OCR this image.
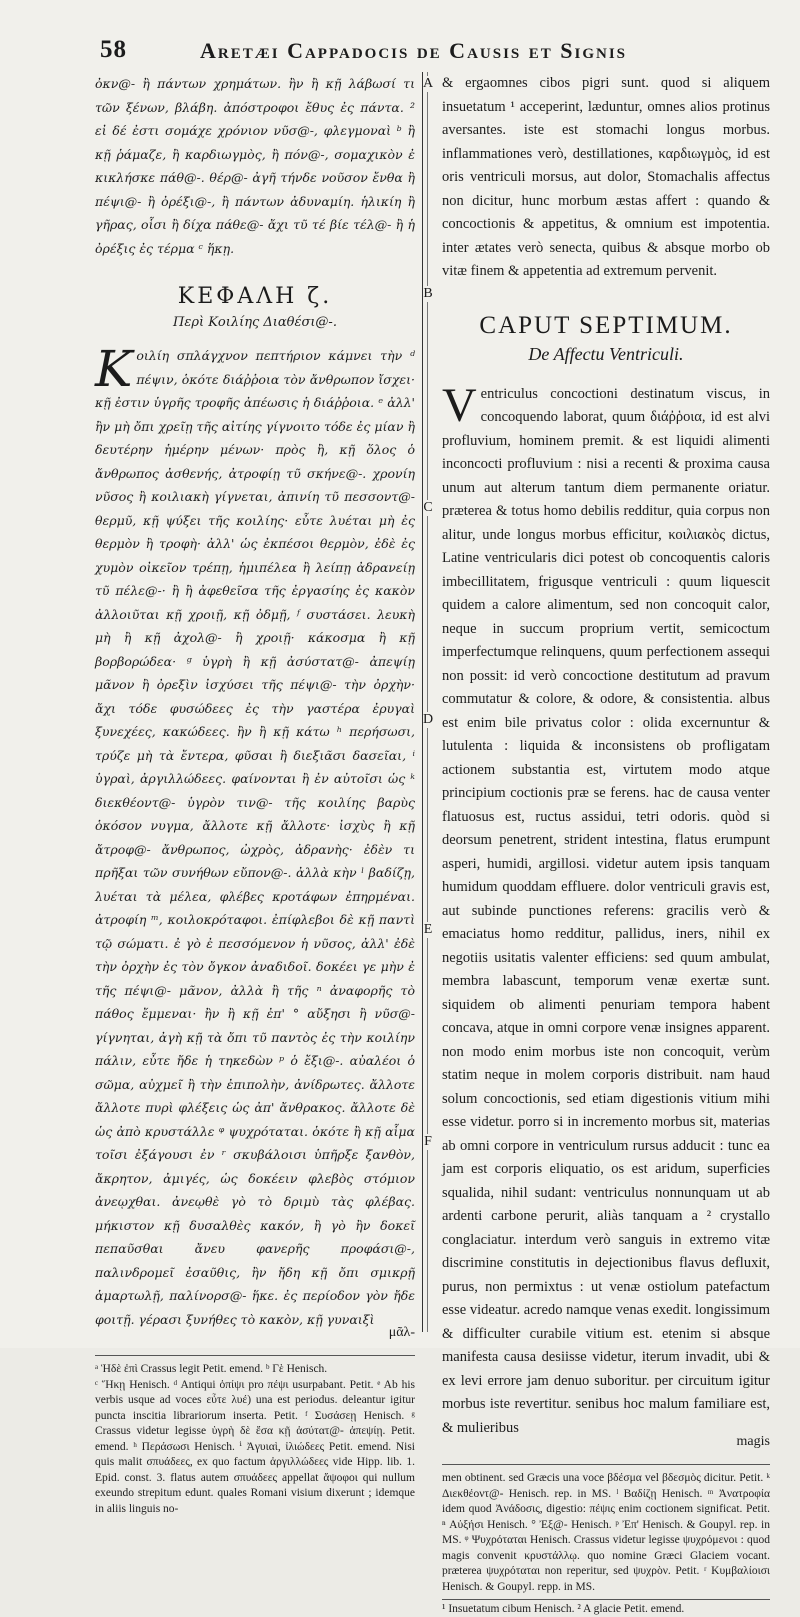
58	Aretæi Cappadocis de Causis et Signis
A
B
C
D
E
F
ὀκν@- ἢ πάντων χρημάτων. ἢν ἢ κῇ λάβωσί τι τῶν ξένων, βλάβη. ἀπόστροφοι ἔθυς ἐς πάντα. ² εἰ δέ ἐστι σομάχε χρόνιον νῦσ@-, φλεγμοναὶ ᵇ ἢ κῇ ῥάμαζε, ἢ καρδιωγμὸς, ἢ πόν@-, σομαχικὸν ἐ κικλήσκε πάθ@-. θέρ@- ἀγῆ τήνδε νοῦσον ἔνθα ἢ πέψι@- ἢ ὀρέξι@-, ἢ πάντων ἀδυναμίη. ἡλικίη ἢ γῆρας, οἷσι ἢ δίχα πάθε@- ἄχι τῦ τέ βίε τέλ@- ἢ ἡ ὀρέξις ἐς τέρμα ᶜ ἥκῃ.
ΚΕΦΑΛΗ ζ.
Περὶ Κοιλίης Διαθέσι@-.
Κ οιλίη σπλάγχνον πεπτήριον κάμνει τὴν ᵈ πέψιν, ὁκότε διάῤῥοια τὸν ἄνθρωπον ἴσχει· κῇ ἐστιν ὑγρῆς τροφῆς ἀπέωσις ἡ διάῤῥοια. ᵉ ἀλλ' ἢν μὴ ὄπι χρεῖῃ τῆς αἰτίης γίγνοιτο τόδε ἐς μίαν ἢ δευτέρην ἡμέρην μένων· πρὸς ἢ, κῇ ὅλος ὁ ἄνθρωπος ἀσθενής, ἀτροφίῃ τῦ σκήνε@-. χρονίη νῦσος ἢ κοιλιακὴ γίγνεται, ἀπινίη τῦ πεσσοντ@- θερμῦ, κῇ ψύξει τῆς κοιλίης· εὖτε λυέται μὴ ἐς θερμὸν ἢ τροφὴ· ἀλλ' ὡς ἐκπέσοι θερμὸν, ἐδὲ ἐς χυμὸν οἰκεῖον τρέπῃ, ἡμιπέλεα ἢ λείπῃ ἀδρανείῃ τῦ πέλε@-· ἢ ἢ ἀφεθεῖσα τῆς ἐργασίης ἐς κακὸν ἀλλοιῦται κῇ χροιῇ, κῇ ὀδμῇ, ᶠ συστάσει. λευκὴ μὴ ἢ κῇ ἀχολ@- ἢ χροιῇ· κάκοσμα ἢ κῇ βορβορώδεα· ᵍ ὑγρὴ ἢ κῇ ἀσύστατ@- ἀπεψίῃ μᾶνον ἢ ὀρεξὶν ἰσχύσει τῆς πέψι@- τὴν ὀρχὴν· ἄχι τόδε φυσώδεες ἐς τὴν γαστέρα ἐρυγαὶ ξυνεχέες, κακώδεες. ἢν ἢ κῇ κάτω ʰ περήσωσι, τρύζε μὴ τὰ ἔντερα, φῦσαι ἢ διεξιᾶσι δασεῖαι, ⁱ ὑγραὶ, ἀργιλλώδεες. φαίνονται ἢ ἐν αὐτοῖσι ὡς ᵏ διεκθέοντ@- ὑγρὸν τιν@- τῆς κοιλίης βαρὺς ὁκόσον νυγμα, ἄλλοτε κῇ ἄλλοτε· ἰσχὺς ἢ κῇ ἄτροφ@- ἄνθρωπος, ὠχρὸς, ἀδρανὴς· ἐδὲν τι πρῆξαι τῶν συνήθων εὔπον@-. ἀλλὰ κὴν ˡ βαδίζῃ, λυέται τὰ μέλεα, φλέβες κροτάφων ἐπηρμέναι. ἀτροφίη ᵐ, κοιλοκρόταφοι. ἐπίφλεβοι δὲ κῇ παντὶ τῷ σώματι. ἐ γὸ ἐ πεσσόμενον ἡ νῦσος, ἀλλ' ἐδὲ τὴν ὀρχὴν ἐς τὸν ὄγκον ἀναδιδοῖ. δοκέει γε μὴν ἐ τῆς πέψι@- μᾶνον, ἀλλὰ ἢ τῆς ⁿ ἀναφορῆς τὸ πάθος ἔμμεναι· ἢν ἢ κῇ ἐπ' ° αὔξησι ἢ νῦσ@- γίγνηται, ἀγὴ κῇ τὰ ὄπι τῦ παντὸς ἐς τὴν κοιλίην πάλιν, εὖτε ἤδε ἡ τηκεδὼν ᵖ ὁ ἔξι@-. αὐαλέοι ὁ σῶμα, αὐχμεῖ ἢ τὴν ἐπιπολὴν, ἀνίδρωτες. ἄλλοτε ἄλλοτε πυρὶ φλέξεις ὡς ἀπ' ἄνθρακος. ἄλλοτε δὲ ὡς ἀπὸ κρυστάλλε ᵠ ψυχρόταται. ὁκότε ἢ κῇ αἷμα τοῖσι ἐξάγουσι ἐν ʳ σκυβάλοισι ὑπῆρξε ξανθὸν, ἄκρητον, ἀμιγές, ὡς δοκέειν φλεβὸς στόμιον ἀνεῳχθαι. ἀνεῳθὲ γὸ τὸ δριμὺ τὰς φλέβας. μήκιστον κῇ δυσαλθὲς κακόν, ἢ γὸ ἢν δοκεῖ πεπαῦσθαι ἄνευ φανερῆς προφάσι@-, παλινδρομεῖ ἐσαῦθις, ἢν ἤδη κῇ ὄπι σμικρῇ ἁμαρτωλῇ, παλίνορσ@- ἥκε. ἐς περίοδον γὸν ἤδε φοιτῇ. γέρασι ξυνήθες τὸ κακὸν, κῇ γυναιξὶ
μᾶλ-

ᵃ Ἡδὲ ἐπὶ Crassus legit Petit. emend. ᵇ Γὲ Henisch.

ᶜ Ἥκῃ Henisch. ᵈ Antiqui ὀπίψι pro πέψι usurpabant. Petit. ᵉ Ab his verbis usque ad voces εὖτε λυέ) una est periodus. deleantur igitur puncta inscitia librariorum inserta. Petit. ᶠ Συσάσεῃ Henisch. ᵍ Crassus videtur legisse ὑγρὴ δὲ ἔσα κῇ ἀσύτατ@- ἀπεψίῃ. Petit. emend. ʰ Περάσωσι Henisch. ⁱ Ἀγυιαὶ, ἰλιώδεες Petit. emend. Nisi quis malit σπυάδεες, ex quo factum ἀργιλλώδεες vide Hipp. lib. 1. Epid. const. 3. flatus autem σπυάδεες appellat ἄψοφοι qui nullum exeundo strepitum edunt. quales Romani visium dixerunt ; idemque in aliis linguis no-

& ergaomnes cibos pigri sunt. quod si aliquem insuetatum ¹ acceperint, læduntur, omnes alios protinus aversantes. iste est stomachi longus morbus. inflammationes verò, destillationes, καρδιωγμὸς, id est oris ventriculi morsus, aut dolor, Stomachalis affectus non dicitur, hunc morbum æstas affert : quando & concoctionis & appetitus, & omnium est impotentia. inter ætates verò senecta, quibus & absque morbo ob vitæ finem & appetentia ad extremum pervenit.
CAPUT SEPTIMUM.
De Affectu Ventriculi.
V entriculus concoctioni destinatum viscus, in concoquendo laborat, quum διάῤῥοια, id est alvi profluvium, hominem premit. & est liquidi alimenti inconcocti profluvium : nisi a recenti & proxima causa unum aut alterum tantum diem permanente oriatur. præterea & totus homo debilis redditur, quia corpus non alitur, unde longus morbus efficitur, κοιλιακὸς dictus, Latine ventricularis dici potest ob concoquentis caloris imbecillitatem, frigusque ventriculi : quum liquescit quidem a calore alimentum, sed non concoquit calor, neque in succum proprium vertit, semicoctum imperfectumque relinquens, quum perfectionem assequi non possit: id verò concoctione destitutum ad pravum commutatur & colore, & odore, & consistentia. albus est enim bile privatus color : olida excernuntur & lutulenta : liquida & inconsistens ob profligatam actionem substantia est, virtutem modo atque principium coctionis præ se ferens. hac de causa venter flatuosus est, ructus assidui, tetri odoris. quòd si deorsum penetrent, strident intestina, flatus erumpunt asperi, humidi, argillosi. videtur autem ipsis tanquam humidum quoddam effluere. dolor ventriculi gravis est, aut subinde punctiones referens: gracilis verò & emaciatus homo redditur, pallidus, iners, nihil ex negotiis usitatis valenter efficiens: sed quum ambulat, membra labascunt, temporum venæ exertæ sunt. siquidem ob alimenti penuriam tempora habent concava, atque in omni corpore venæ insignes apparent. non modo enim morbus iste non concoquit, verùm statim neque in molem corporis distribuit. nam haud solum concoctionis, sed etiam digestionis vitium mihi esse videtur. porro si in incremento morbus sit, materias ab omni corpore in ventriculum rursus adducit : tunc ea jam est corporis eliquatio, os est aridum, superficies squalida, nihil sudant: ventriculus nonnunquam ut ab ardenti carbone perurit, aliàs tanquam a ² crystallo conglaciatur. interdum verò sanguis in extremo vitæ discrimine constitutis in dejectionibus flavus defluxit, purus, non permixtus : ut venæ ostiolum patefactum esse videatur. acredo namque venas exedit. longissimum & difficulter curabile vitium est. etenim si absque manifesta causa desiisse videtur, iterum invadit, ubi & ex levi errore jam denuo suboritur. per circuitum igitur morbus iste revertitur. senibus hoc malum familiare est, & mulieribus
magis

men obtinent. sed Græcis una voce βδέσμα vel βδεσμὸς dicitur. Petit. ᵏ Διεκθέοντ@- Henisch. rep. in MS. ˡ Βαδίζῃ Henisch. ᵐ Ἀνατροφία idem quod Ἀνάδοσις, digestio: πέψις enim coctionem significat. Petit. ⁿ Αὐξήσι Henisch. ° Ἐξ@- Henisch. ᵖ Ἐπ' Henisch. & Goupyl. rep. in MS. ᵠ Ψυχρόταται Henisch. Crassus videtur legisse ψυχρόμενοι : quod magis convenit κρυστάλλῳ. quo nomine Græci Glaciem vocant. præterea ψυχρόταται non reperitur, sed ψυχρὸν. Petit. ʳ Κυμβαλίοισι Henisch. & Goupyl. repp. in MS.

¹ Insuetatum cibum Henisch. ² A glacie Petit. emend.
